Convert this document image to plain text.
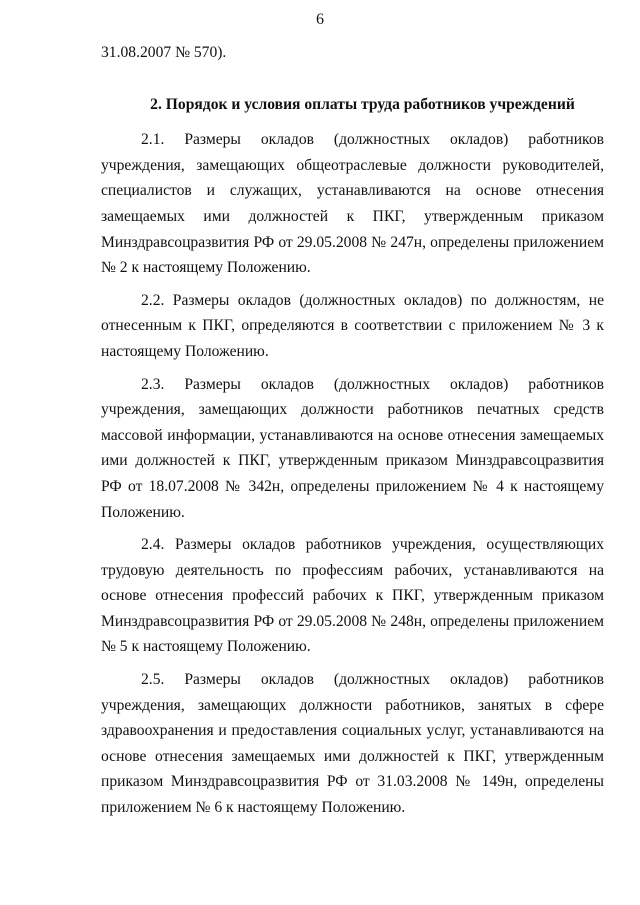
6

31.08.2007 № 570).

2. Порядок и условия оплаты труда работников учреждений

2.1. Размеры окладов (должностных окладов) работников учреждения, замещающих общеотраслевые должности руководителей, специалистов и служащих, устанавливаются на основе отнесения замещаемых ими должностей к ПКГ, утвержденным приказом Минздравсоцразвития РФ от 29.05.2008 № 247н, определены приложением № 2 к настоящему Положению.

2.2. Размеры окладов (должностных окладов) по должностям, не отнесенным к ПКГ, определяются в соответствии с приложением № 3 к настоящему Положению.

2.3. Размеры окладов (должностных окладов) работников учреждения, замещающих должности работников печатных средств массовой информации, устанавливаются на основе отнесения замещаемых ими должностей к ПКГ, утвержденным приказом Минздравсоцразвития РФ от 18.07.2008 № 342н, определены приложением № 4 к настоящему Положению.

2.4. Размеры окладов работников учреждения, осуществляющих трудовую деятельность по профессиям рабочих, устанавливаются на основе отнесения профессий рабочих к ПКГ, утвержденным приказом Минздравсоцразвития РФ от 29.05.2008 № 248н, определены приложением № 5 к настоящему Положению.

2.5. Размеры окладов (должностных окладов) работников учреждения, замещающих должности работников, занятых в сфере здравоохранения и предоставления социальных услуг, устанавливаются на основе отнесения замещаемых ими должностей к ПКГ, утвержденным приказом Минздравсоцразвития РФ от 31.03.2008 № 149н, определены приложением № 6 к настоящему Положению.
